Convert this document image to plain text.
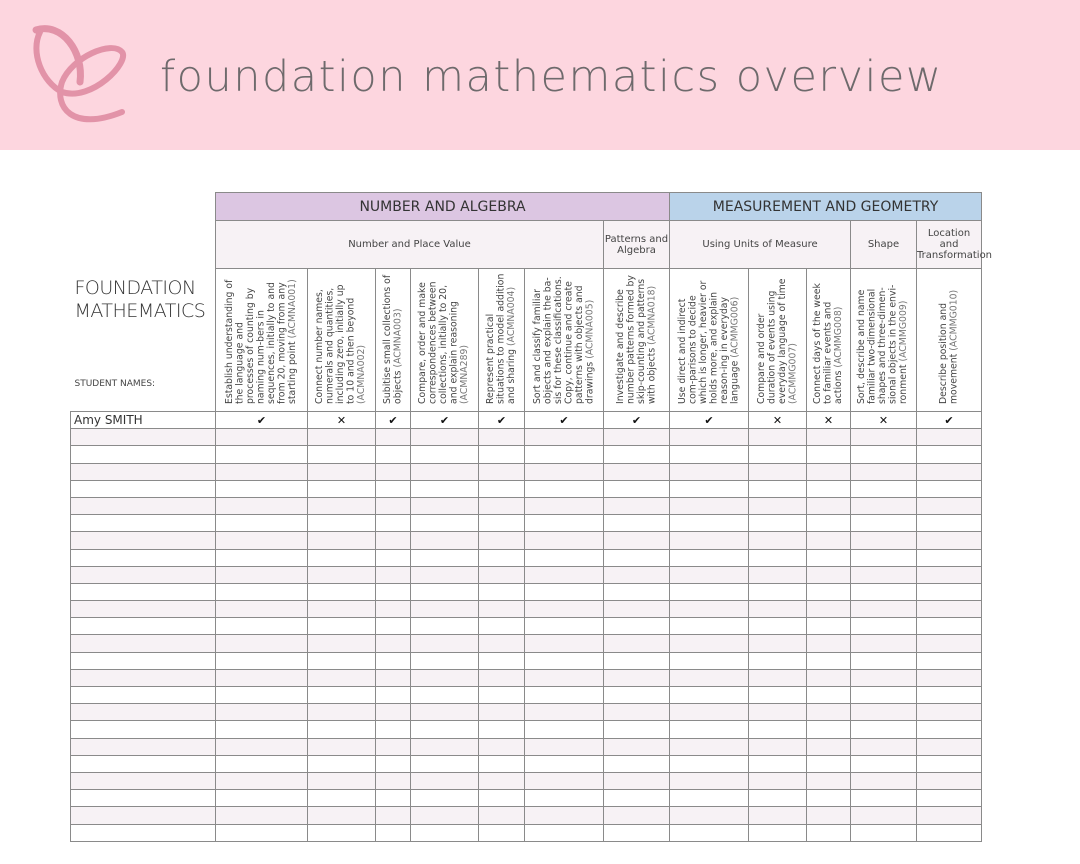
foundation mathematics overview
	NUMBER AND ALGEBRA							MEASUREMENT AND GEOMETRY				
	Number and Place Value						Patterns and Algebra	Using Units of Measure			Shape	Location and Transformation

FOUNDATION MATHEMATICS
STUDENT NAMES:	Establish understanding of the language and processes of counting by naming num-bers in sequences, initially to and from 20, moving from any starting point (ACMNA001)	Connect number names, numerals and quantities, including zero, initially up to 10 and then beyond (ACMNA002)	Subitise small collections of objects (ACMNA003)	Compare, order and make correspondences between collections, initially to 20, and explain reasoning (ACMNA289)	Represent practical situations to model addition and sharing (ACMNA004)	Sort and classify familiar objects and explain the ba-sis for these classifications. Copy, continue and create patterns with objects and drawings (ACMNA005)	Investigate and describe number patterns formed by skip-counting and patterns with objects (ACMNA018)	Use direct and indirect com-parisons to decide which is longer, heavier or holds more, and explain reason-ing in everyday language (ACMMG006)	Compare and order duration of events using everyday language of time (ACMMG007)	Connect days of the week to familiar events and actions (ACMMG008)	Sort, describe and name familiar two-dimensional shapes and three-dimen-sional objects in the envi-ronment (ACMMG009)	Describe position and movement (ACMMG010)
Amy SMITH	✔	✕	✔	✔	✔	✔	✔	✔	✕	✕	✕	✔
